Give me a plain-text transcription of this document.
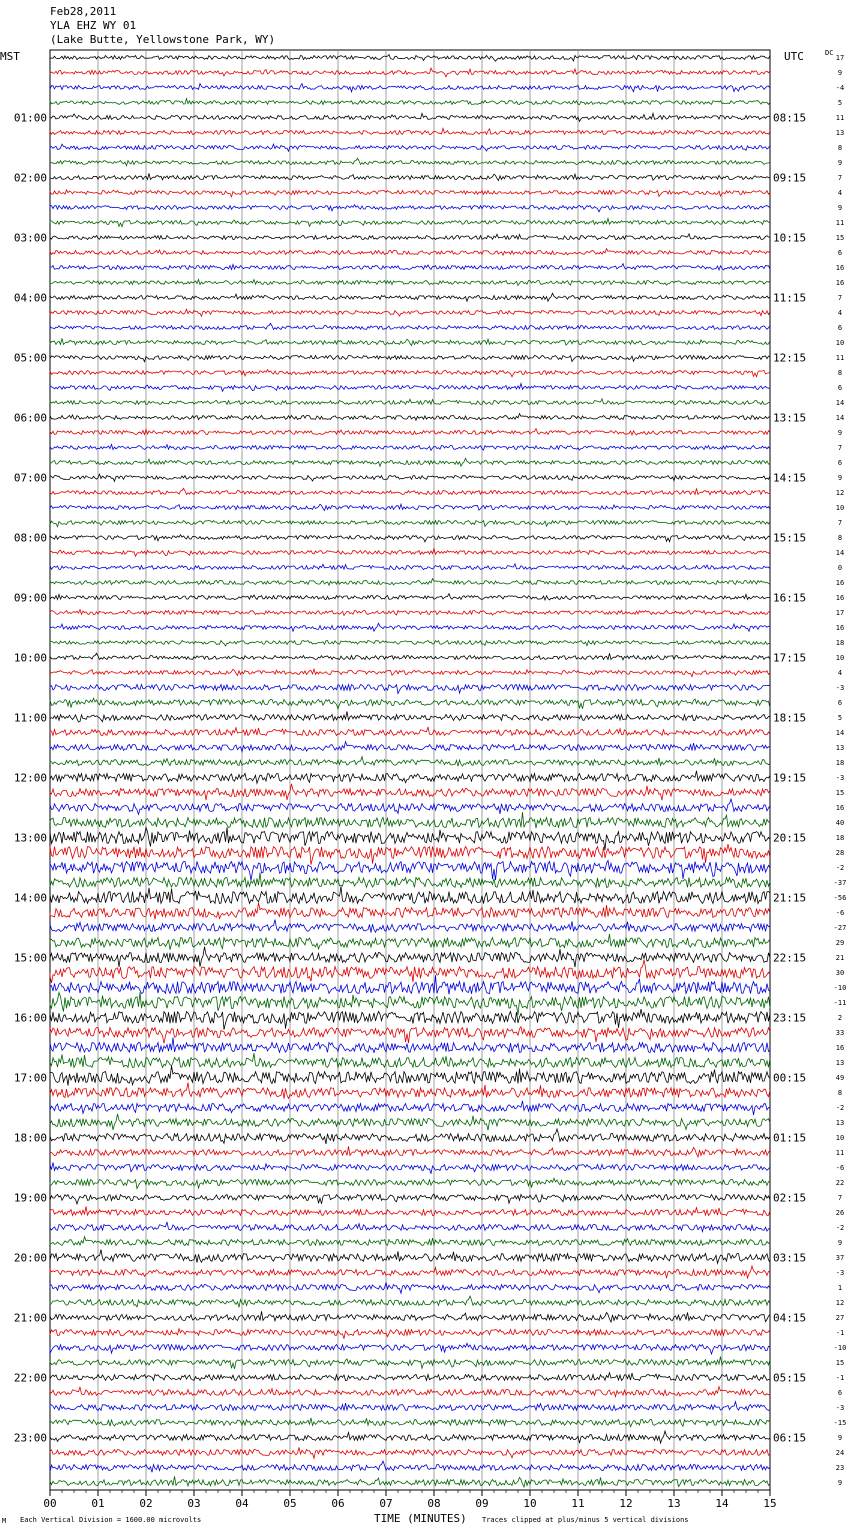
Feb28,2011
YLA EHZ WY 01
(Lake Butte, Yellowstone Park, WY)
MST	UTC	DC
17
9
-4
5
11
13
8
9
7
4
9
11
15
6
16
16
7
4
6
10
11
8
6
14
14
9
7
6
9
12
10
7
8
14
0
16
16
17
16
18
10
4
-3
6
5
14
13
18
-3
15
16
40
18
28
-2
-37
-56
-6
-27
29
21
30
-10
-11
2
33
16
13
49
8
-2
13
10
11
-6
22
7
26
-2
9
37
-3
1
12
27
-1
-10
15
-1
6
-3
-15
9
24
23
9
01:00	08:15
02:00	09:15
03:00	10:15
04:00	11:15
05:00	12:15
06:00	13:15
07:00	14:15
08:00	15:15
09:00	16:15
10:00	17:15
11:00	18:15
12:00	19:15
13:00	20:15
14:00	21:15
15:00	22:15
16:00	23:15
17:00	00:15
18:00	01:15
19:00	02:15
20:00	03:15
21:00	04:15
22:00	05:15
23:00	06:15
00	01	02	03	04	05	06	07	08	09	10	11	12	13	14	15
M Each Vertical Division = 1600.00 microvolts	TIME (MINUTES) Traces clipped at plus/minus 5 vertical divisions
